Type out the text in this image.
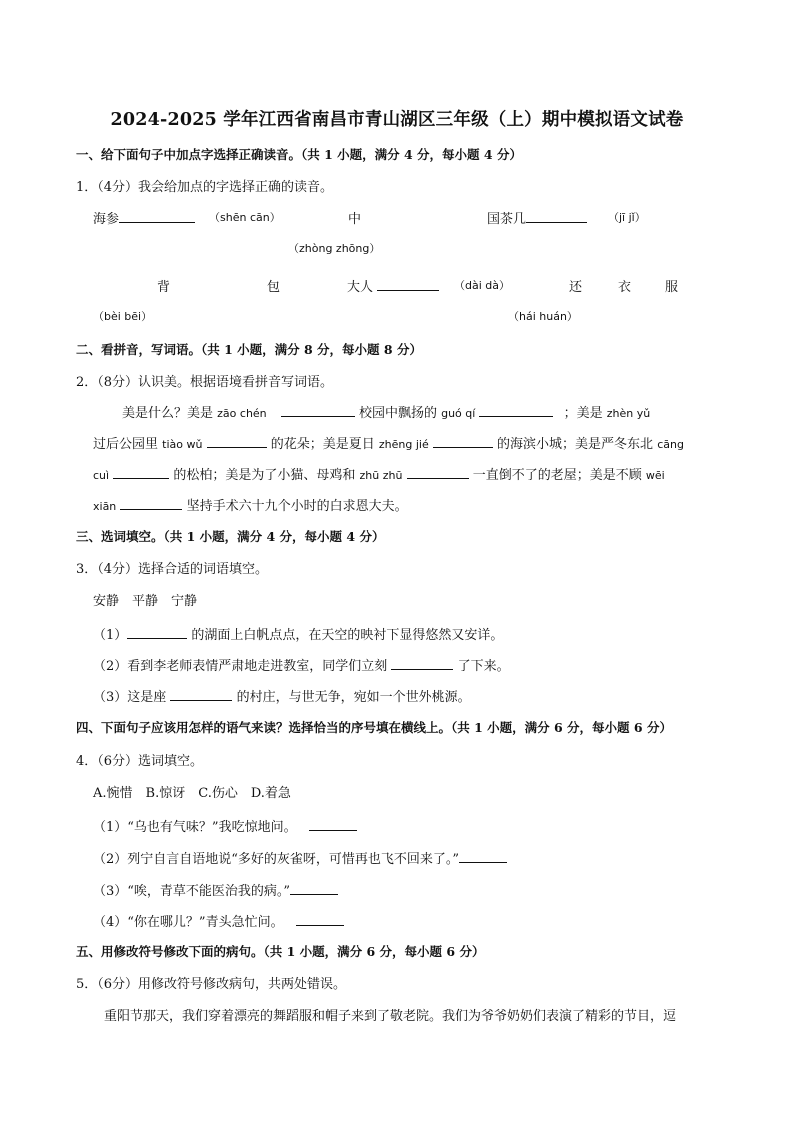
2024-2025 学年江西省南昌市青山湖区三年级（上）期中模拟语文试卷
一、给下面句子中加点字选择正确读音。（共 1 小题，满分 4 分，每小题 4 分）
1．（4分）我会给加点的字选择正确的读音。
海参	（shēn cān）	中	国茶几	（jī jǐ）
（zhòng zhōng）
背	包	大人	（dài dà）	还	衣	服
（bèi bēi）	（hái huán）
二、看拼音，写词语。（共 1 小题，满分 8 分，每小题 8 分）
2．（8分）认识美。根据语境看拼音写词语。
美是什么？美是 zāo chén	校园中飘扬的 guó qí	；美是 zhèn yǔ
过后公园里 tiào wǔ	的花朵；美是夏日 zhēng jié	的海滨小城；美是严冬东北 cāng
cuì	的松柏；美是为了小猫、母鸡和 zhū zhū	一直倒不了的老屋；美是不顾 wēi
xiān	坚持手术六十九个小时的白求恩大夫。
三、选词填空。（共 1 小题，满分 4 分，每小题 4 分）
3．（4分）选择合适的词语填空。
安静　平静　宁静
（1）	的湖面上白帆点点，在天空的映衬下显得悠然又安详。
（2）看到李老师表情严肃地走进教室，同学们立刻	了下来。
（3）这是座	的村庄，与世无争，宛如一个世外桃源。
四、下面句子应该用怎样的语气来读？选择恰当的序号填在横线上。（共 1 小题，满分 6 分，每小题 6 分）
4．（6分）选词填空。
A.惋惜　B.惊讶　C.伤心　D.着急
（1）“乌也有气味？”我吃惊地问。
（2）列宁自言自语地说“多好的灰雀呀，可惜再也飞不回来了。”
（3）“唉，青草不能医治我的病。”
（4）“你在哪儿？”青头急忙问。
五、用修改符号修改下面的病句。（共 1 小题，满分 6 分，每小题 6 分）
5．（6分）用修改符号修改病句，共两处错误。
重阳节那天，我们穿着漂亮的舞蹈服和帽子来到了敬老院。我们为爷爷奶奶们表演了精彩的节目，逗
